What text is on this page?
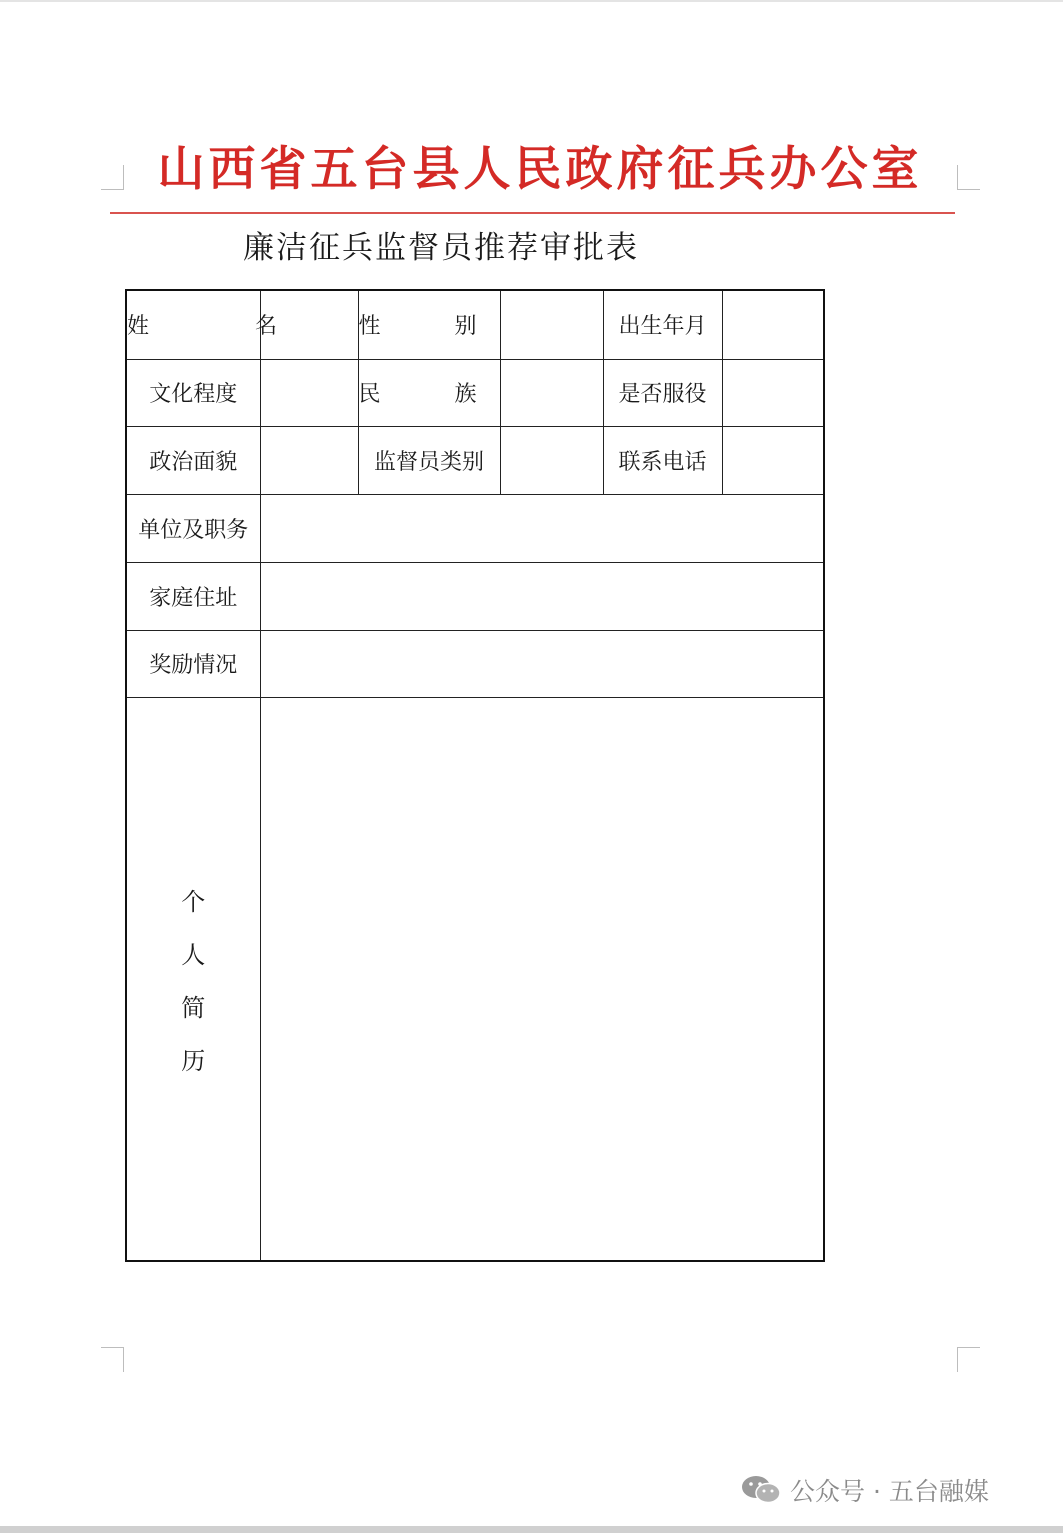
山西省五台县人民政府征兵办公室
廉洁征兵监督员推荐审批表
姓　名		性　别		出生年月	
文化程度		民　族		是否服役	
政治面貌		监督员类别		联系电话	
单位及职务					
家庭住址					
奖励情况					

个
人
简
历					

公众号 · 五台融媒
